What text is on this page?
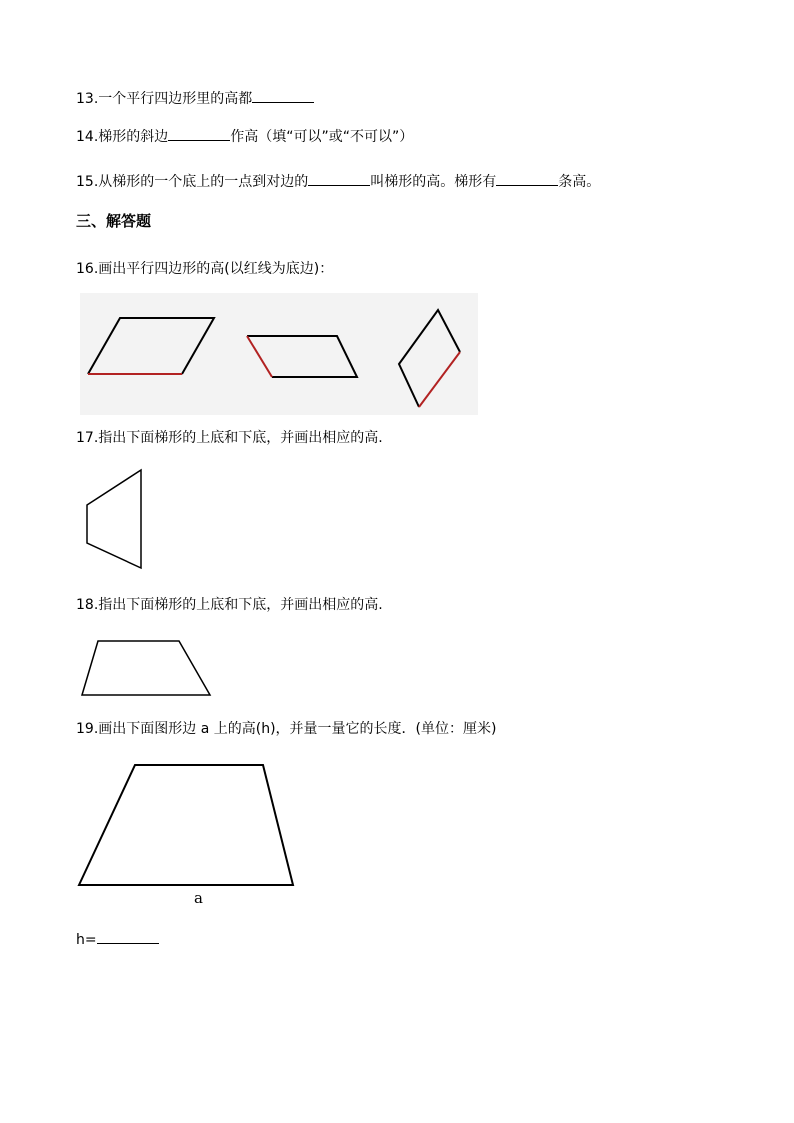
13.一个平行四边形里的高都
14.梯形的斜边	作高（填“可以”或“不可以”）
15.从梯形的一个底上的一点到对边的	叫梯形的高。梯形有	条高。
三、解答题
16.画出平行四边形的高(以红线为底边)：
17.指出下面梯形的上底和下底，并画出相应的高.
18.指出下面梯形的上底和下底，并画出相应的高.
19.画出下面图形边 a 上的高(h)，并量一量它的长度．(单位：厘米)
a
h=
